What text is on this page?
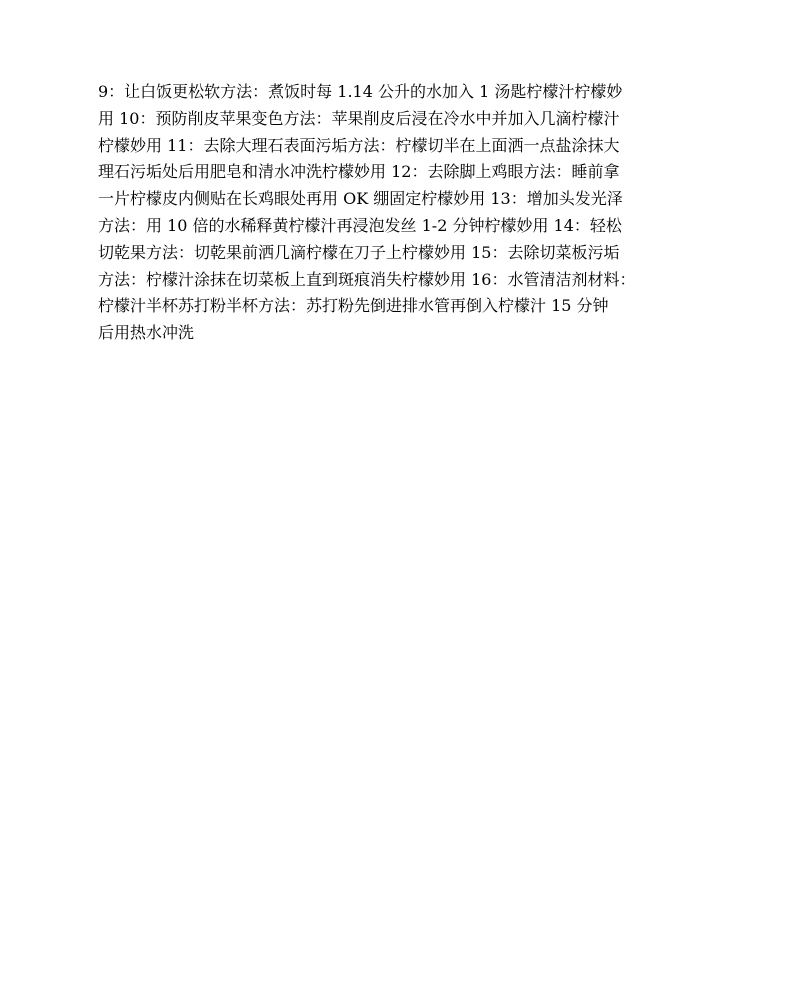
9：让白饭更松软方法：煮饭时每 1.14 公升的水加入 1 汤匙柠檬汁柠檬妙
用 10：预防削皮苹果变色方法：苹果削皮后浸在冷水中并加入几滴柠檬汁
柠檬妙用 11：去除大理石表面污垢方法：柠檬切半在上面洒一点盐涂抹大
理石污垢处后用肥皂和清水冲洗柠檬妙用 12：去除脚上鸡眼方法：睡前拿
一片柠檬皮内侧贴在长鸡眼处再用 OK 绷固定柠檬妙用 13：增加头发光泽
方法：用 10 倍的水稀释黄柠檬汁再浸泡发丝 1-2 分钟柠檬妙用 14：轻松
切乾果方法：切乾果前洒几滴柠檬在刀子上柠檬妙用 15：去除切菜板污垢
方法：柠檬汁涂抹在切菜板上直到斑痕消失柠檬妙用 16：水管清洁剂材料：
柠檬汁半杯苏打粉半杯方法：苏打粉先倒进排水管再倒入柠檬汁 15 分钟
后用热水冲洗
